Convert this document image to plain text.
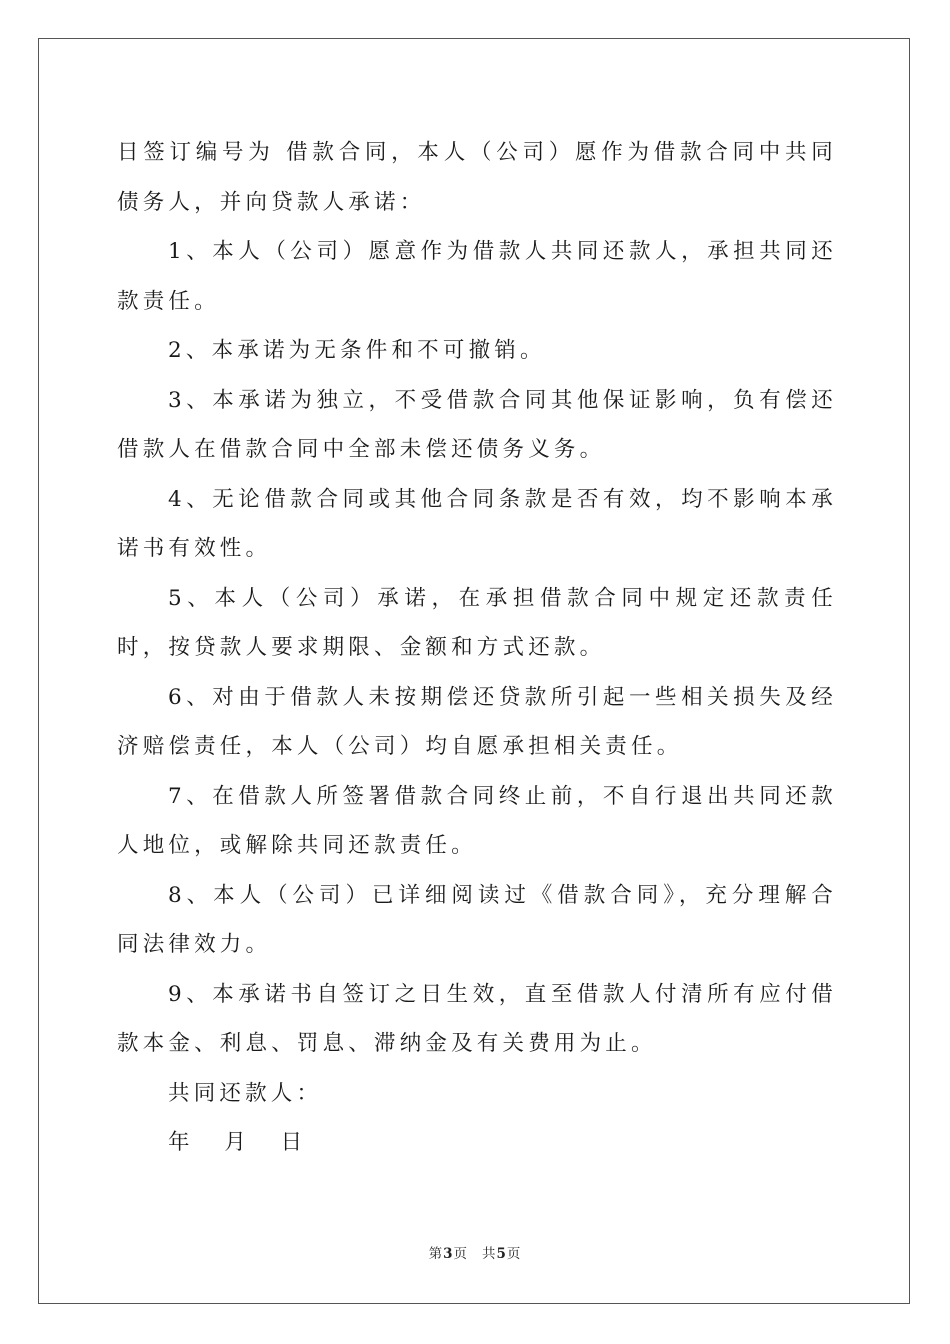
日签订编号为 借款合同，本人（公司）愿作为借款合同中共同债务人，并向贷款人承诺：

1、本人（公司）愿意作为借款人共同还款人，承担共同还款责任。

2、本承诺为无条件和不可撤销。

3、本承诺为独立，不受借款合同其他保证影响，负有偿还借款人在借款合同中全部未偿还债务义务。

4、无论借款合同或其他合同条款是否有效，均不影响本承诺书有效性。

5、本人（公司）承诺，在承担借款合同中规定还款责任时，按贷款人要求期限、金额和方式还款。

6、对由于借款人未按期偿还贷款所引起一些相关损失及经济赔偿责任，本人（公司）均自愿承担相关责任。

7、在借款人所签署借款合同终止前，不自行退出共同还款人地位，或解除共同还款责任。

8、本人（公司）已详细阅读过《借款合同》，充分理解合同法律效力。

9、本承诺书自签订之日生效，直至借款人付清所有应付借款本金、利息、罚息、滞纳金及有关费用为止。

共同还款人：

年 月 日

第3页 共5页
